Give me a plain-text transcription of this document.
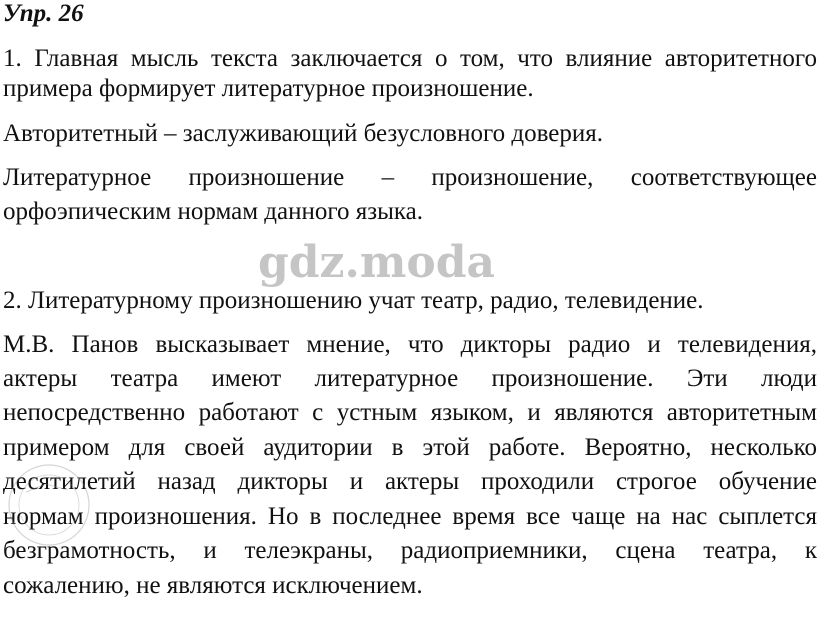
Упр. 26
1. Главная мысль текста заключается о том, что влияние авторитетного
примера формирует литературное произношение.
Авторитетный – заслуживающий безусловного доверия.
Литературное произношение – произношение, соответствующее
орфоэпическим нормам данного языка.
gdz.moda
2. Литературному произношению учат театр, радио, телевидение.
М.В. Панов высказывает мнение, что дикторы радио и телевидения,
актеры театра имеют литературное произношение. Эти люди
непосредственно работают с устным языком, и являются авторитетным
примером для своей аудитории в этой работе. Вероятно, несколько
десятилетий назад дикторы и актеры проходили строгое обучение
нормам произношения. Но в последнее время все чаще на нас сыплется
безграмотность, и телеэкраны, радиоприемники, сцена театра, к
сожалению, не являются исключением.
